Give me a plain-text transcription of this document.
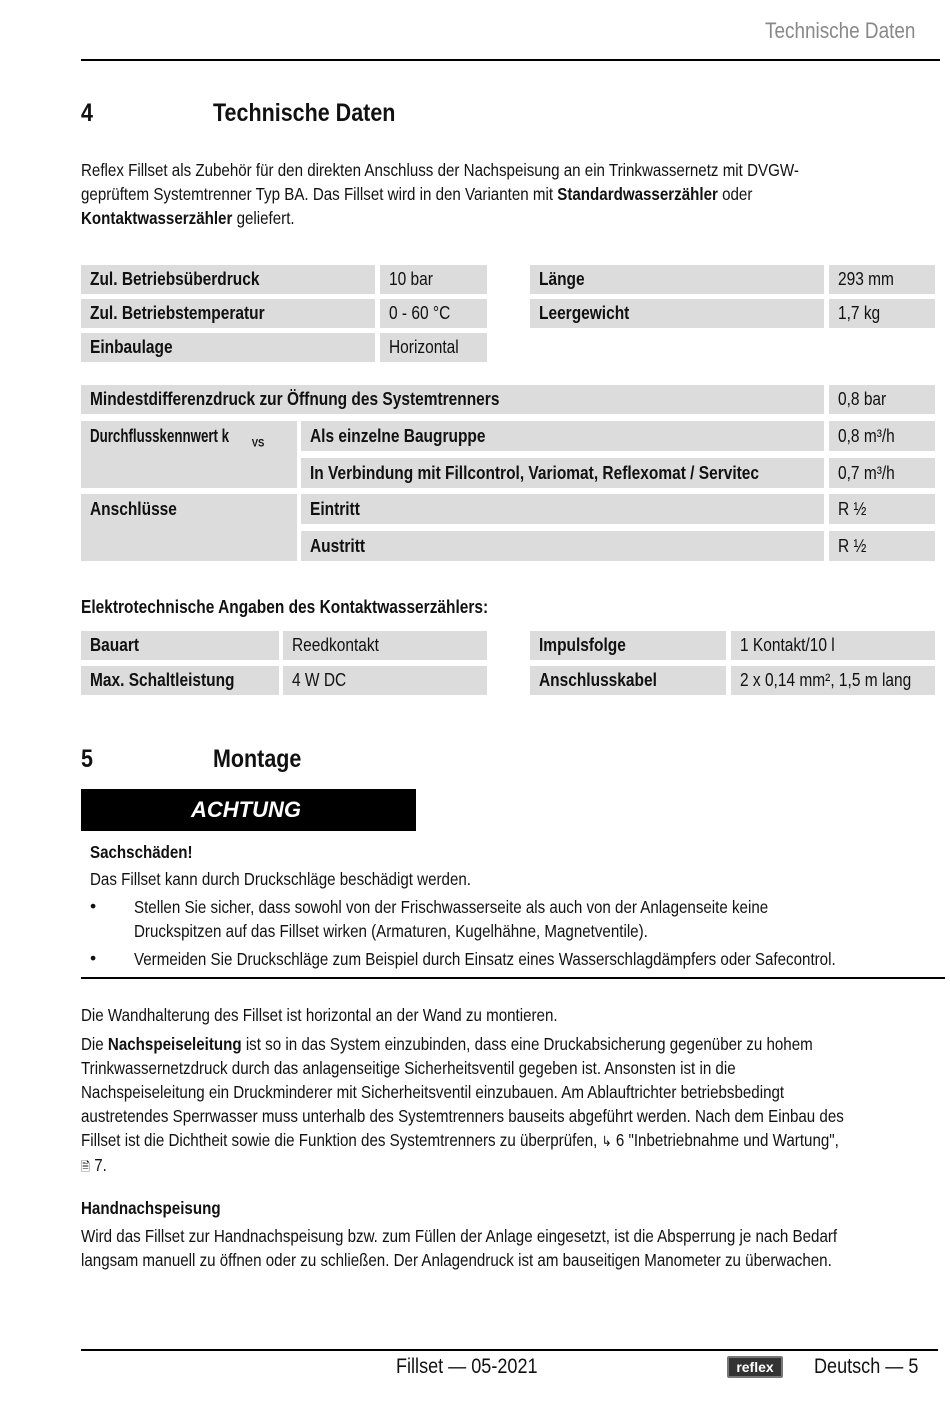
Technische Daten
4	Technische Daten
Reflex Fillset als Zubehör für den direkten Anschluss der Nachspeisung an ein Trinkwassernetz mit DVGW-
geprüftem Systemtrenner Typ BA. Das Fillset wird in den Varianten mit Standardwasserzähler oder
Kontaktwasserzähler geliefert.
Zul. Betriebsüberdruck	10 bar
Zul. Betriebstemperatur	0 - 60 °C
Einbaulage	Horizontal
Länge	293 mm
Leergewicht	1,7 kg
Mindestdifferenzdruck zur Öffnung des Systemtrenners	0,8 bar
Durchflusskennwert k $_{VS}$	Als einzelne Baugruppe	0,8 m³/h
In Verbindung mit Fillcontrol, Variomat, Reflexomat / Servitec	0,7 m³/h
Anschlüsse	Eintritt	R ½
Austritt	R ½
Elektrotechnische Angaben des Kontaktwasserzählers:
Bauart	Reedkontakt
Max. Schaltleistung	4 W DC
Impulsfolge	1 Kontakt/10 l
Anschlusskabel	2 x 0,14 mm², 1,5 m lang
5	Montage
ACHTUNG
Sachschäden!
Das Fillset kann durch Druckschläge beschädigt werden.
• Stellen Sie sicher, dass sowohl von der Frischwasserseite als auch von der Anlagenseite keine
Druckspitzen auf das Fillset wirken (Armaturen, Kugelhähne, Magnetventile).
• Vermeiden Sie Druckschläge zum Beispiel durch Einsatz eines Wasserschlagdämpfers oder Safecontrol.
Die Wandhalterung des Fillset ist horizontal an der Wand zu montieren.
Die Nachspeiseleitung ist so in das System einzubinden, dass eine Druckabsicherung gegenüber zu hohem
Trinkwassernetzdruck durch das anlagenseitige Sicherheitsventil gegeben ist. Ansonsten ist in die
Nachspeiseleitung ein Druckminderer mit Sicherheitsventil einzubauen. Am Ablauftrichter betriebsbedingt
austretendes Sperrwasser muss unterhalb des Systemtrenners bauseits abgeführt werden. Nach dem Einbau des
Fillset ist die Dichtheit sowie die Funktion des Systemtrenners zu überprüfen, ↳ 6 "Inbetriebnahme und Wartung",
🗎 7.
Handnachspeisung
Wird das Fillset zur Handnachspeisung bzw. zum Füllen der Anlage eingesetzt, ist die Absperrung je nach Bedarf
langsam manuell zu öffnen oder zu schließen. Der Anlagendruck ist am bauseitigen Manometer zu überwachen.
Fillset — 05-2021	reflex Deutsch — 5
